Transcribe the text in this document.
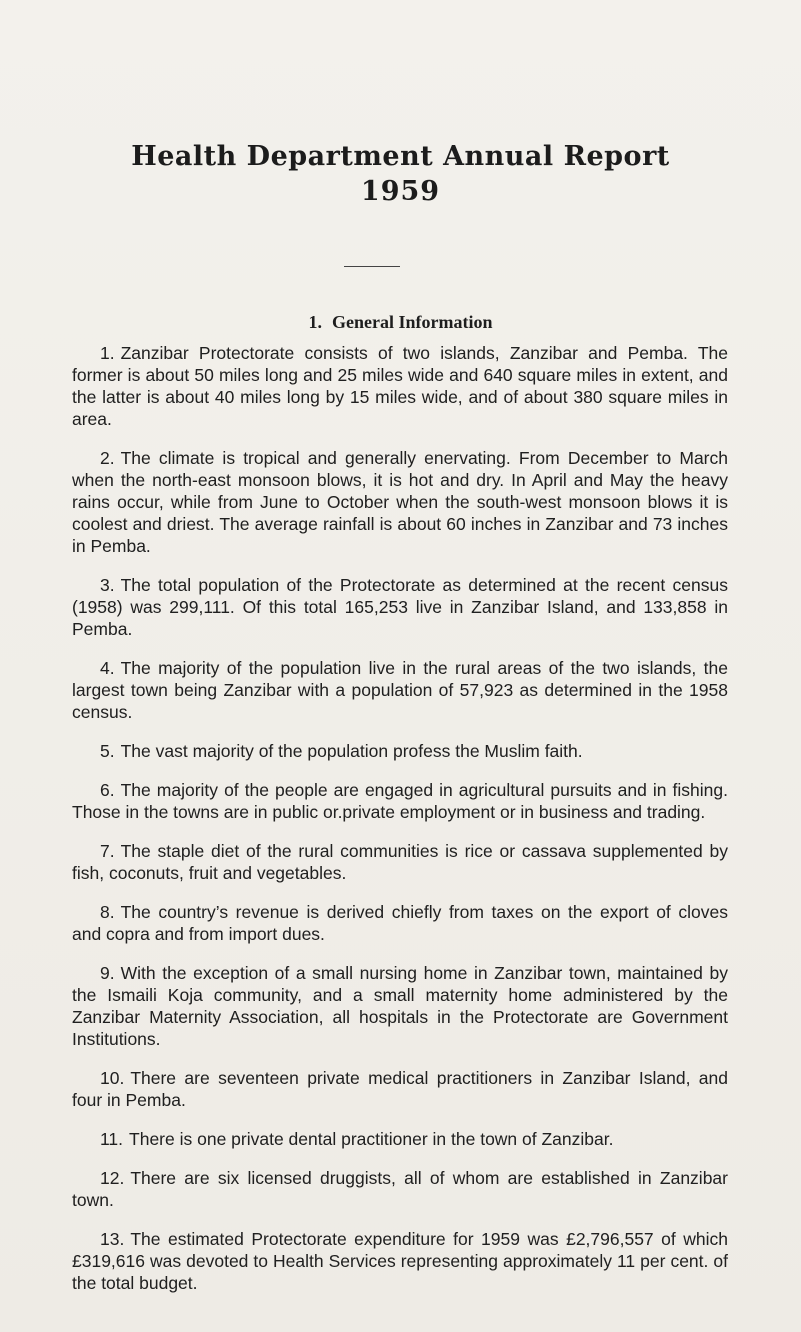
Health Department Annual Report
1959
1. General Information

1. Zanzibar Protectorate consists of two islands, Zanzibar and Pemba. The former is about 50 miles long and 25 miles wide and 640 square miles in extent, and the latter is about 40 miles long by 15 miles wide, and of about 380 square miles in area.

2. The climate is tropical and generally enervating. From December to March when the north-east monsoon blows, it is hot and dry. In April and May the heavy rains occur, while from June to October when the south-west monsoon blows it is coolest and driest. The average rainfall is about 60 inches in Zanzibar and 73 inches in Pemba.

3. The total population of the Protectorate as determined at the recent census (1958) was 299,111. Of this total 165,253 live in Zanzibar Island, and 133,858 in Pemba.

4. The majority of the population live in the rural areas of the two islands, the largest town being Zanzibar with a population of 57,923 as determined in the 1958 census.

5. The vast majority of the population profess the Muslim faith.

6. The majority of the people are engaged in agricultural pursuits and in fishing. Those in the towns are in public or.private employment or in business and trading.

7. The staple diet of the rural communities is rice or cassava supplemented by fish, coconuts, fruit and vegetables.

8. The country’s revenue is derived chiefly from taxes on the export of cloves and copra and from import dues.

9. With the exception of a small nursing home in Zanzibar town, maintained by the Ismaili Koja community, and a small maternity home administered by the Zanzibar Maternity Association, all hospitals in the Protectorate are Government Institutions.

10. There are seventeen private medical practitioners in Zanzibar Island, and four in Pemba.

11. There is one private dental practitioner in the town of Zanzibar.

12. There are six licensed druggists, all of whom are established in Zanzibar town.

13. The estimated Protectorate expenditure for 1959 was £2,796,557 of which £319,616 was devoted to Health Services representing approximately 11 per cent. of the total budget.
